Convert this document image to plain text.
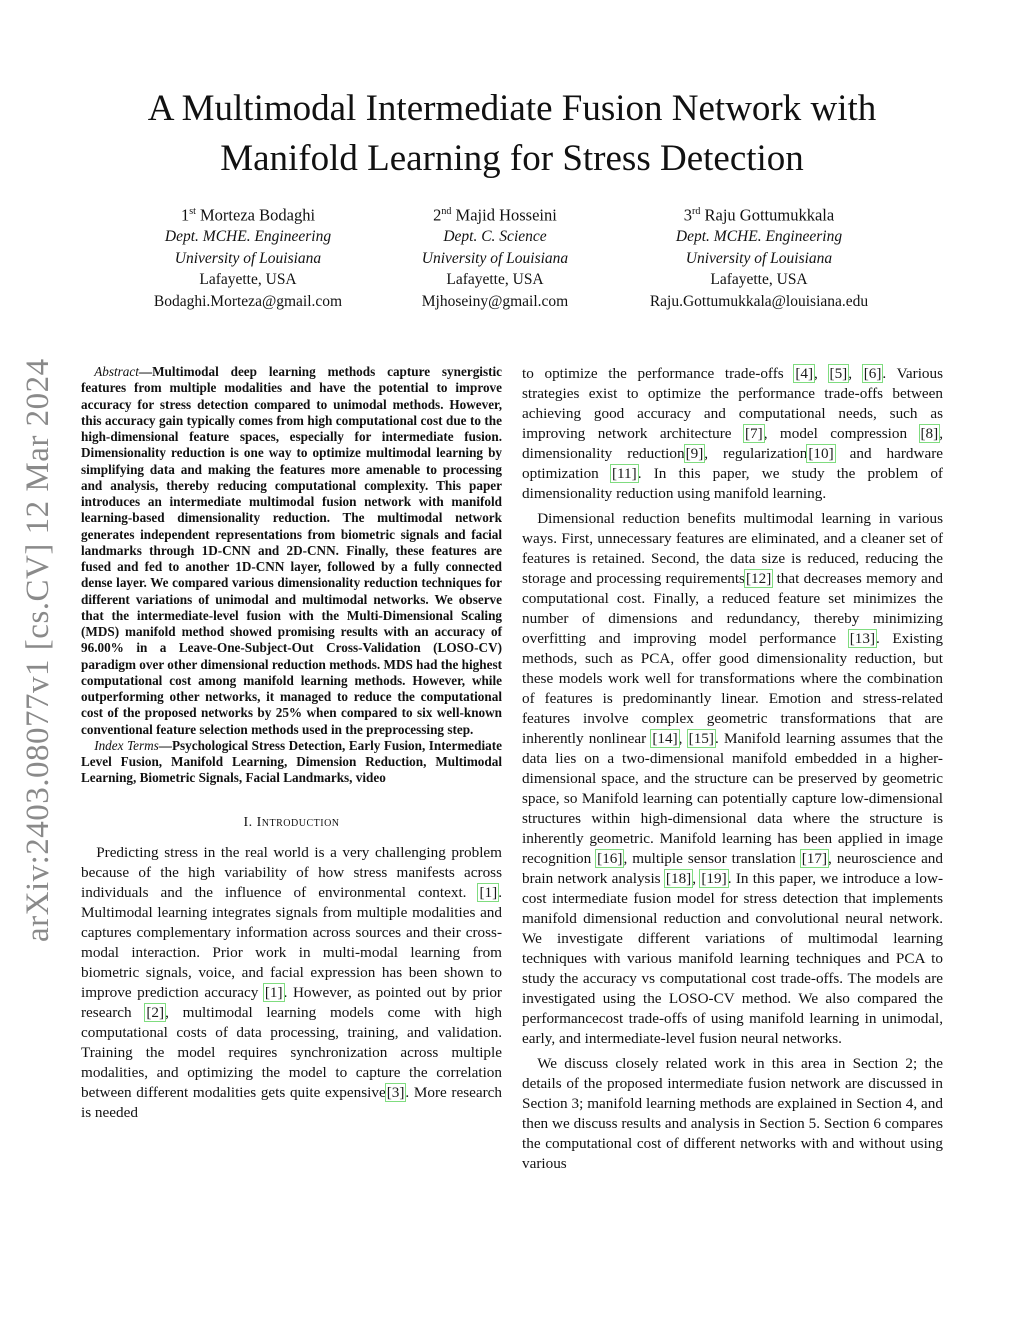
arXiv:2403.08077v1 [cs.CV] 12 Mar 2024
A Multimodal Intermediate Fusion Network with
Manifold Learning for Stress Detection
1st Morteza Bodaghi
Dept. MCHE. Engineering
University of Louisiana
Lafayette, USA
Bodaghi.Morteza@gmail.com
2nd Majid Hosseini
Dept. C. Science
University of Louisiana
Lafayette, USA
Mjhoseiny@gmail.com
3rd Raju Gottumukkala
Dept. MCHE. Engineering
University of Louisiana
Lafayette, USA
Raju.Gottumukkala@louisiana.edu

Abstract—Multimodal deep learning methods capture synergistic features from multiple modalities and have the potential to improve accuracy for stress detection compared to unimodal methods. However, this accuracy gain typically comes from high computational cost due to the high-dimensional feature spaces, especially for intermediate fusion. Dimensionality reduction is one way to optimize multimodal learning by simplifying data and making the features more amenable to processing and analysis, thereby reducing computational complexity. This paper introduces an intermediate multimodal fusion network with manifold learning-based dimensionality reduction. The multimodal network generates independent representations from biometric signals and facial landmarks through 1D-CNN and 2D-CNN. Finally, these features are fused and fed to another 1D-CNN layer, followed by a fully connected dense layer. We compared various dimensionality reduction techniques for different variations of unimodal and multimodal networks. We observe that the intermediate-level fusion with the Multi-Dimensional Scaling (MDS) manifold method showed promising results with an accuracy of 96.00% in a Leave-One-Subject-Out Cross-Validation (LOSO-CV) paradigm over other dimensional reduction methods. MDS had the highest computational cost among manifold learning methods. However, while outperforming other networks, it managed to reduce the computational cost of the proposed networks by 25% when compared to six well-known conventional feature selection methods used in the preprocessing step.

Index Terms—Psychological Stress Detection, Early Fusion, Intermediate Level Fusion, Manifold Learning, Dimension Reduction, Multimodal Learning, Biometric Signals, Facial Landmarks, video

I. Introduction

Predicting stress in the real world is a very challenging problem because of the high variability of how stress manifests across individuals and the influence of environmental context. [1]. Multimodal learning integrates signals from multiple modalities and captures complementary information across sources and their cross-modal interaction. Prior work in multi-modal learning from biometric signals, voice, and facial expression has been shown to improve prediction accuracy [1]. However, as pointed out by prior research [2], multimodal learning models come with high computational costs of data processing, training, and validation. Training the model requires synchronization across multiple modalities, and optimizing the model to capture the correlation between different modalities gets quite expensive[3]. More research is needed

to optimize the performance trade-offs [4], [5], [6]. Various strategies exist to optimize the performance trade-offs between achieving good accuracy and computational needs, such as improving network architecture [7], model compression [8], dimensionality reduction[9], regularization[10] and hardware optimization [11]. In this paper, we study the problem of dimensionality reduction using manifold learning.

Dimensional reduction benefits multimodal learning in various ways. First, unnecessary features are eliminated, and a cleaner set of features is retained. Second, the data size is reduced, reducing the storage and processing requirements[12] that decreases memory and computational cost. Finally, a reduced feature set minimizes the number of dimensions and redundancy, thereby minimizing overfitting and improving model performance [13]. Existing methods, such as PCA, offer good dimensionality reduction, but these models work well for transformations where the combination of features is predominantly linear. Emotion and stress-related features involve complex geometric transformations that are inherently nonlinear [14], [15]. Manifold learning assumes that the data lies on a two-dimensional manifold embedded in a higher-dimensional space, and the structure can be preserved by geometric space, so Manifold learning can potentially capture low-dimensional structures within high-dimensional data where the structure is inherently geometric. Manifold learning has been applied in image recognition [16], multiple sensor translation [17], neuroscience and brain network analysis [18], [19]. In this paper, we introduce a low-cost intermediate fusion model for stress detection that implements manifold dimensional reduction and convolutional neural network. We investigate different variations of multimodal learning techniques with various manifold learning techniques and PCA to study the accuracy vs computational cost trade-offs. The models are investigated using the LOSO-CV method. We also compared the performancecost trade-offs of using manifold learning in unimodal, early, and intermediate-level fusion neural networks.

We discuss closely related work in this area in Section 2; the details of the proposed intermediate fusion network are discussed in Section 3; manifold learning methods are explained in Section 4, and then we discuss results and analysis in Section 5. Section 6 compares the computational cost of different networks with and without using various
